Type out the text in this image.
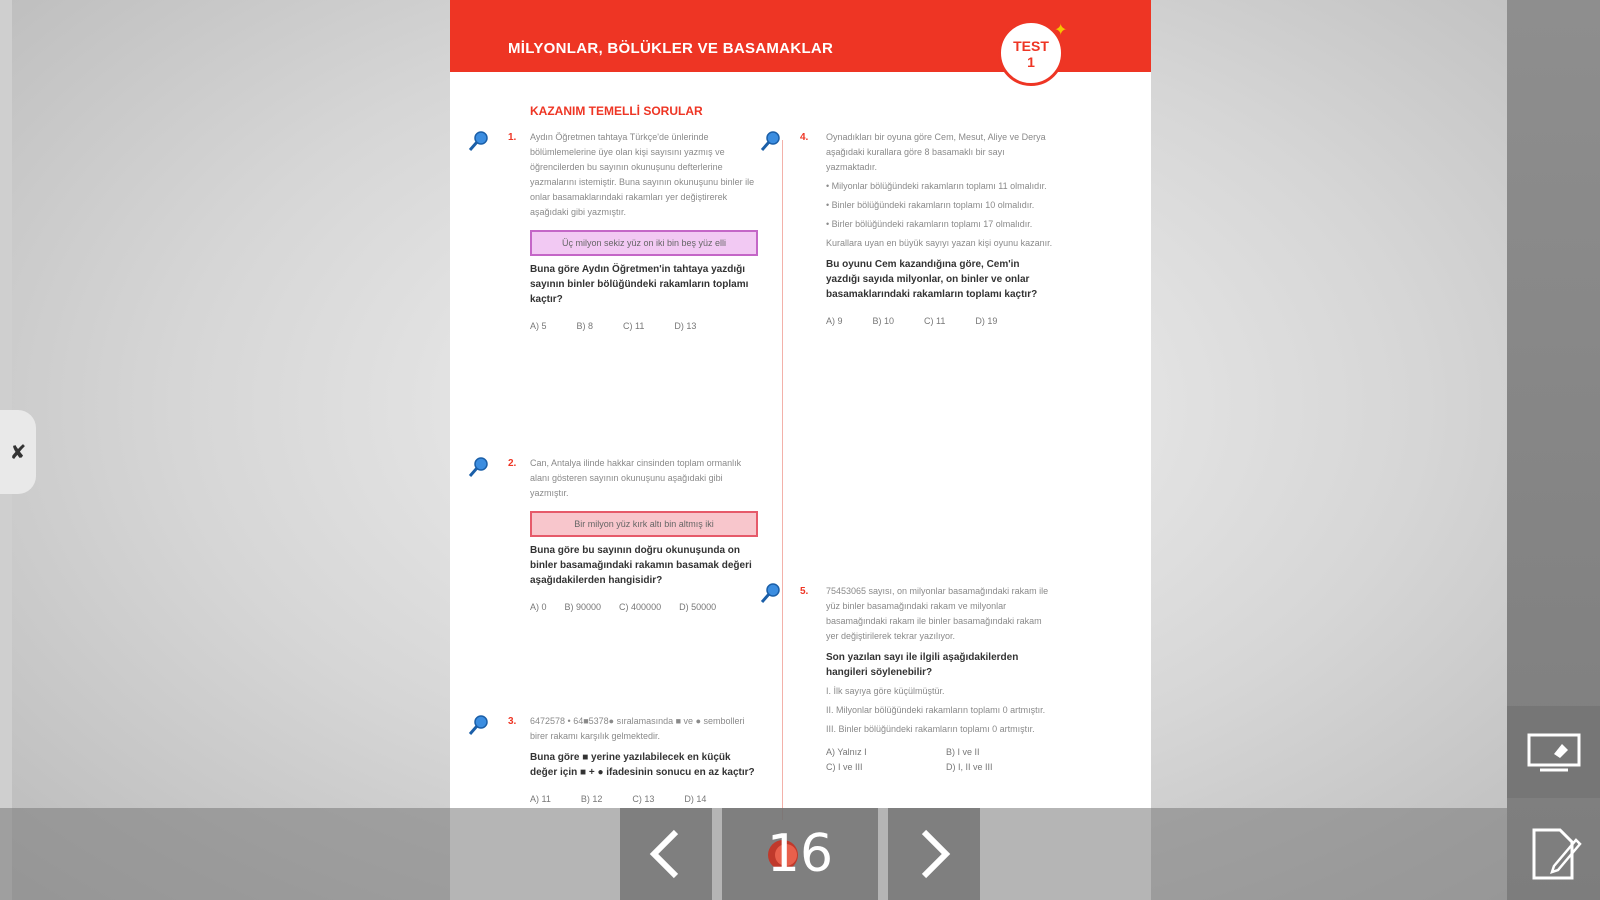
✘
MİLYONLAR, BÖLÜKLER VE BASAMAKLAR	TEST
1
✦
KAZANIM TEMELLİ SORULAR
1. Aydın Öğretmen tahtaya Türkçe'de ünlerinde bölümlemelerine üye olan kişi sayısını yazmış ve öğrencilerden bu sayının okunuşunu defterlerine yazmalarını istemiştir. Buna sayının okunuşunu binler ile onlar basamaklarındaki rakamları yer değiştirerek aşağıdaki gibi yazmıştır.
Üç milyon sekiz yüz on iki bin beş yüz elli
Buna göre Aydın Öğretmen'in tahtaya yazdığı sayının binler bölüğündeki rakamların toplamı kaçtır?
A) 5	B) 8	C) 11	D) 13
2. Can, Antalya ilinde hakkar cinsinden toplam ormanlık alanı gösteren sayının okunuşunu aşağıdaki gibi yazmıştır.
Bir milyon yüz kırk altı bin altmış iki
Buna göre bu sayının doğru okunuşunda on binler basamağındaki rakamın basamak değeri aşağıdakilerden hangisidir?
A) 0 B) 90000 C) 400000 D) 50000
3. 6472578 • 64■5378● sıralamasında ■ ve ● sembolleri birer rakamı karşılık gelmektedir.
Buna göre ■ yerine yazılabilecek en küçük değer için ■ + ● ifadesinin sonucu en az kaçtır?
A) 11	B) 12	C) 13	D) 14
4. Oynadıkları bir oyuna göre Cem, Mesut, Aliye ve Derya aşağıdaki kurallara göre 8 basamaklı bir sayı yazmaktadır.
• Milyonlar bölüğündeki rakamların toplamı 11 olmalıdır.
• Binler bölüğündeki rakamların toplamı 10 olmalıdır.
• Birler bölüğündeki rakamların toplamı 17 olmalıdır.
Kurallara uyan en büyük sayıyı yazan kişi oyunu kazanır.
Bu oyunu Cem kazandığına göre, Cem'in yazdığı sayıda milyonlar, on binler ve onlar basamaklarındaki rakamların toplamı kaçtır?
A) 9	B) 10	C) 11	D) 19
5. 75453065 sayısı, on milyonlar basamağındaki rakam ile yüz binler basamağındaki rakam ve milyonlar basamağındaki rakam ile binler basamağındaki rakam yer değiştirilerek tekrar yazılıyor.
Son yazılan sayı ile ilgili aşağıdakilerden hangileri söylenebilir?
I. İlk sayıya göre küçülmüştür.
II. Milyonlar bölüğündeki rakamların toplamı 0 artmıştır.
III. Binler bölüğündeki rakamların toplamı 0 artmıştır.
A) Yalnız I	B) I ve II
C) I ve III	D) I, II ve III
16
